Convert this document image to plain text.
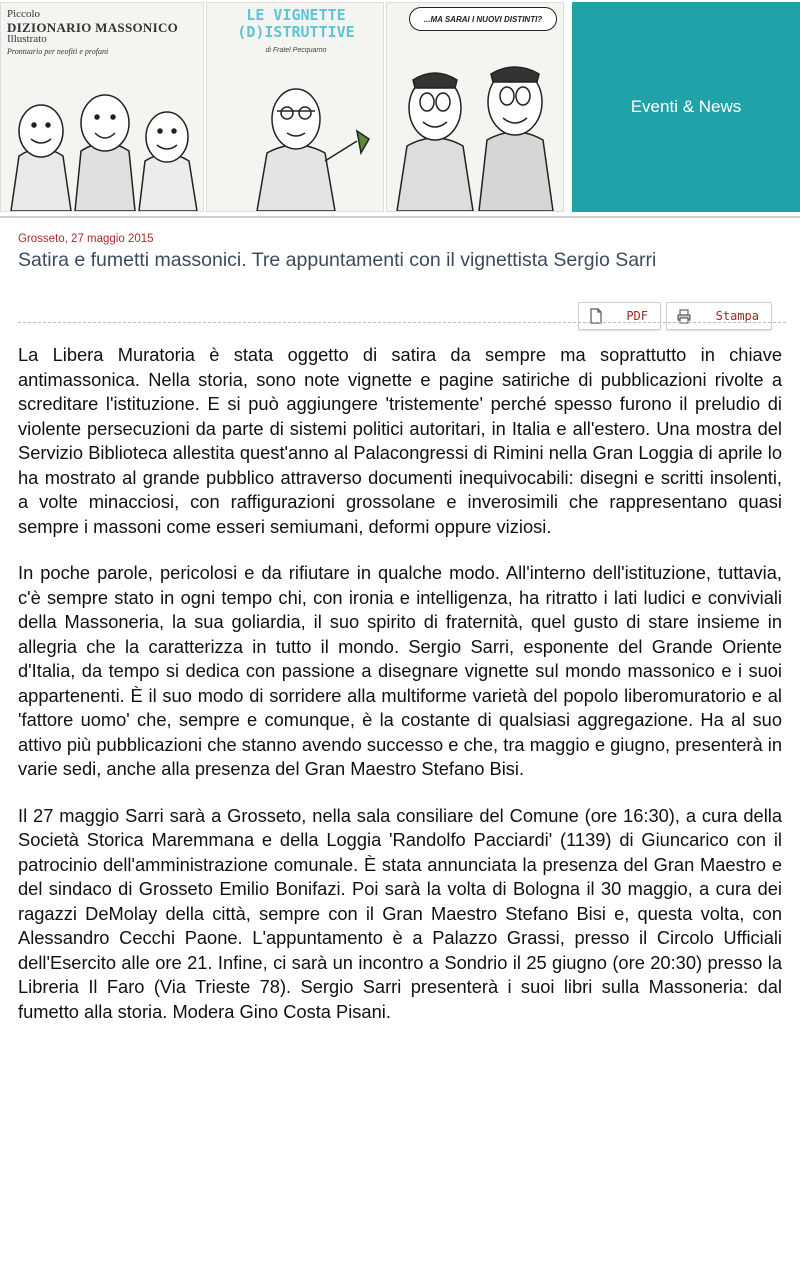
Piccolo
DIZIONARIO MASSONICO
Illustrato
Prontuario per neofiti e profani
LE VIGNETTE
(D)ISTRUTTIVE
di Fratel Pecquarno
...MA SARAI I NUOVI DISTINTI?
Eventi & News
Grosseto, 27 maggio 2015
Satira e fumetti massonici. Tre appuntamenti con il vignettista Sergio Sarri
PDF	Stampa

La Libera Muratoria è stata oggetto di satira da sempre ma soprattutto in chiave antimassonica. Nella storia, sono note vignette e pagine satiriche di pubblicazioni rivolte a screditare l'istituzione. E si può aggiungere 'tristemente' perché spesso furono il preludio di violente persecuzioni da parte di sistemi politici autoritari, in Italia e all'estero. Una mostra del Servizio Biblioteca allestita quest'anno al Palacongressi di Rimini nella Gran Loggia di aprile lo ha mostrato al grande pubblico attraverso documenti inequivocabili: disegni e scritti insolenti, a volte minacciosi, con raffigurazioni grossolane e inverosimili che rappresentano quasi sempre i massoni come esseri semiumani, deformi oppure viziosi.

In poche parole, pericolosi e da rifiutare in qualche modo. All'interno dell'istituzione, tuttavia, c'è sempre stato in ogni tempo chi, con ironia e intelligenza, ha ritratto i lati ludici e conviviali della Massoneria, la sua goliardia, il suo spirito di fraternità, quel gusto di stare insieme in allegria che la caratterizza in tutto il mondo. Sergio Sarri, esponente del Grande Oriente d'Italia, da tempo si dedica con passione a disegnare vignette sul mondo massonico e i suoi appartenenti. È il suo modo di sorridere alla multiforme varietà del popolo liberomuratorio e al 'fattore uomo' che, sempre e comunque, è la costante di qualsiasi aggregazione. Ha al suo attivo più pubblicazioni che stanno avendo successo e che, tra maggio e giugno, presenterà in varie sedi, anche alla presenza del Gran Maestro Stefano Bisi.

Il 27 maggio Sarri sarà a Grosseto, nella sala consiliare del Comune (ore 16:30), a cura della Società Storica Maremmana e della Loggia 'Randolfo Pacciardi' (1139) di Giuncarico con il patrocinio dell'amministrazione comunale. È stata annunciata la presenza del Gran Maestro e del sindaco di Grosseto Emilio Bonifazi. Poi sarà la volta di Bologna il 30 maggio, a cura dei ragazzi DeMolay della città, sempre con il Gran Maestro Stefano Bisi e, questa volta, con Alessandro Cecchi Paone. L'appuntamento è a Palazzo Grassi, presso il Circolo Ufficiali dell'Esercito alle ore 21. Infine, ci sarà un incontro a Sondrio il 25 giugno (ore 20:30) presso la Libreria Il Faro (Via Trieste 78). Sergio Sarri presenterà i suoi libri sulla Massoneria: dal fumetto alla storia. Modera Gino Costa Pisani.
